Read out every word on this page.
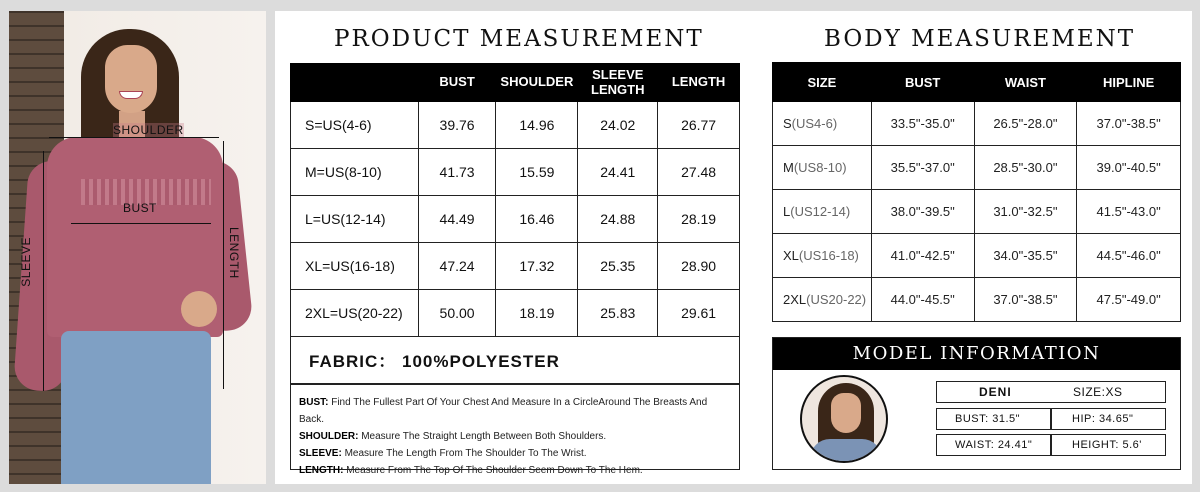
SHOULDER
BUST
SLEEVE	LENGTH
PRODUCT MEASUREMENT
	BUST	SHOULDER	SLEEVE LENGTH	LENGTH
S=US(4-6)	39.76	14.96	24.02	26.77
M=US(8-10)	41.73	15.59	24.41	27.48
L=US(12-14)	44.49	16.46	24.88	28.19
XL=US(16-18)	47.24	17.32	25.35	28.90
2XL=US(20-22)	50.00	18.19	25.83	29.61
FABRIC： 100%POLYESTER
BUST: Find The Fullest Part Of Your Chest And Measure In a CircleAround The Breasts And Back.
SHOULDER: Measure The Straight Length Between Both Shoulders.
SLEEVE: Measure The Length From The Shoulder To The Wrist.
LENGTH: Measure From The Top Of The Shoulder Seem Down To The Hem.
BODY MEASUREMENT
SIZE	BUST	WAIST	HIPLINE
S(US4-6)	33.5"-35.0"	26.5"-28.0"	37.0"-38.5"
M(US8-10)	35.5"-37.0"	28.5"-30.0"	39.0"-40.5"
L(US12-14)	38.0"-39.5"	31.0"-32.5"	41.5"-43.0"
XL(US16-18)	41.0"-42.5"	34.0"-35.5"	44.5"-46.0"
2XL(US20-22)	44.0"-45.5"	37.0"-38.5"	47.5"-49.0"
MODEL INFORMATION
DENI	SIZE:XS
BUST: 31.5"	HIP: 34.65"
WAIST: 24.41"	HEIGHT: 5.6'
